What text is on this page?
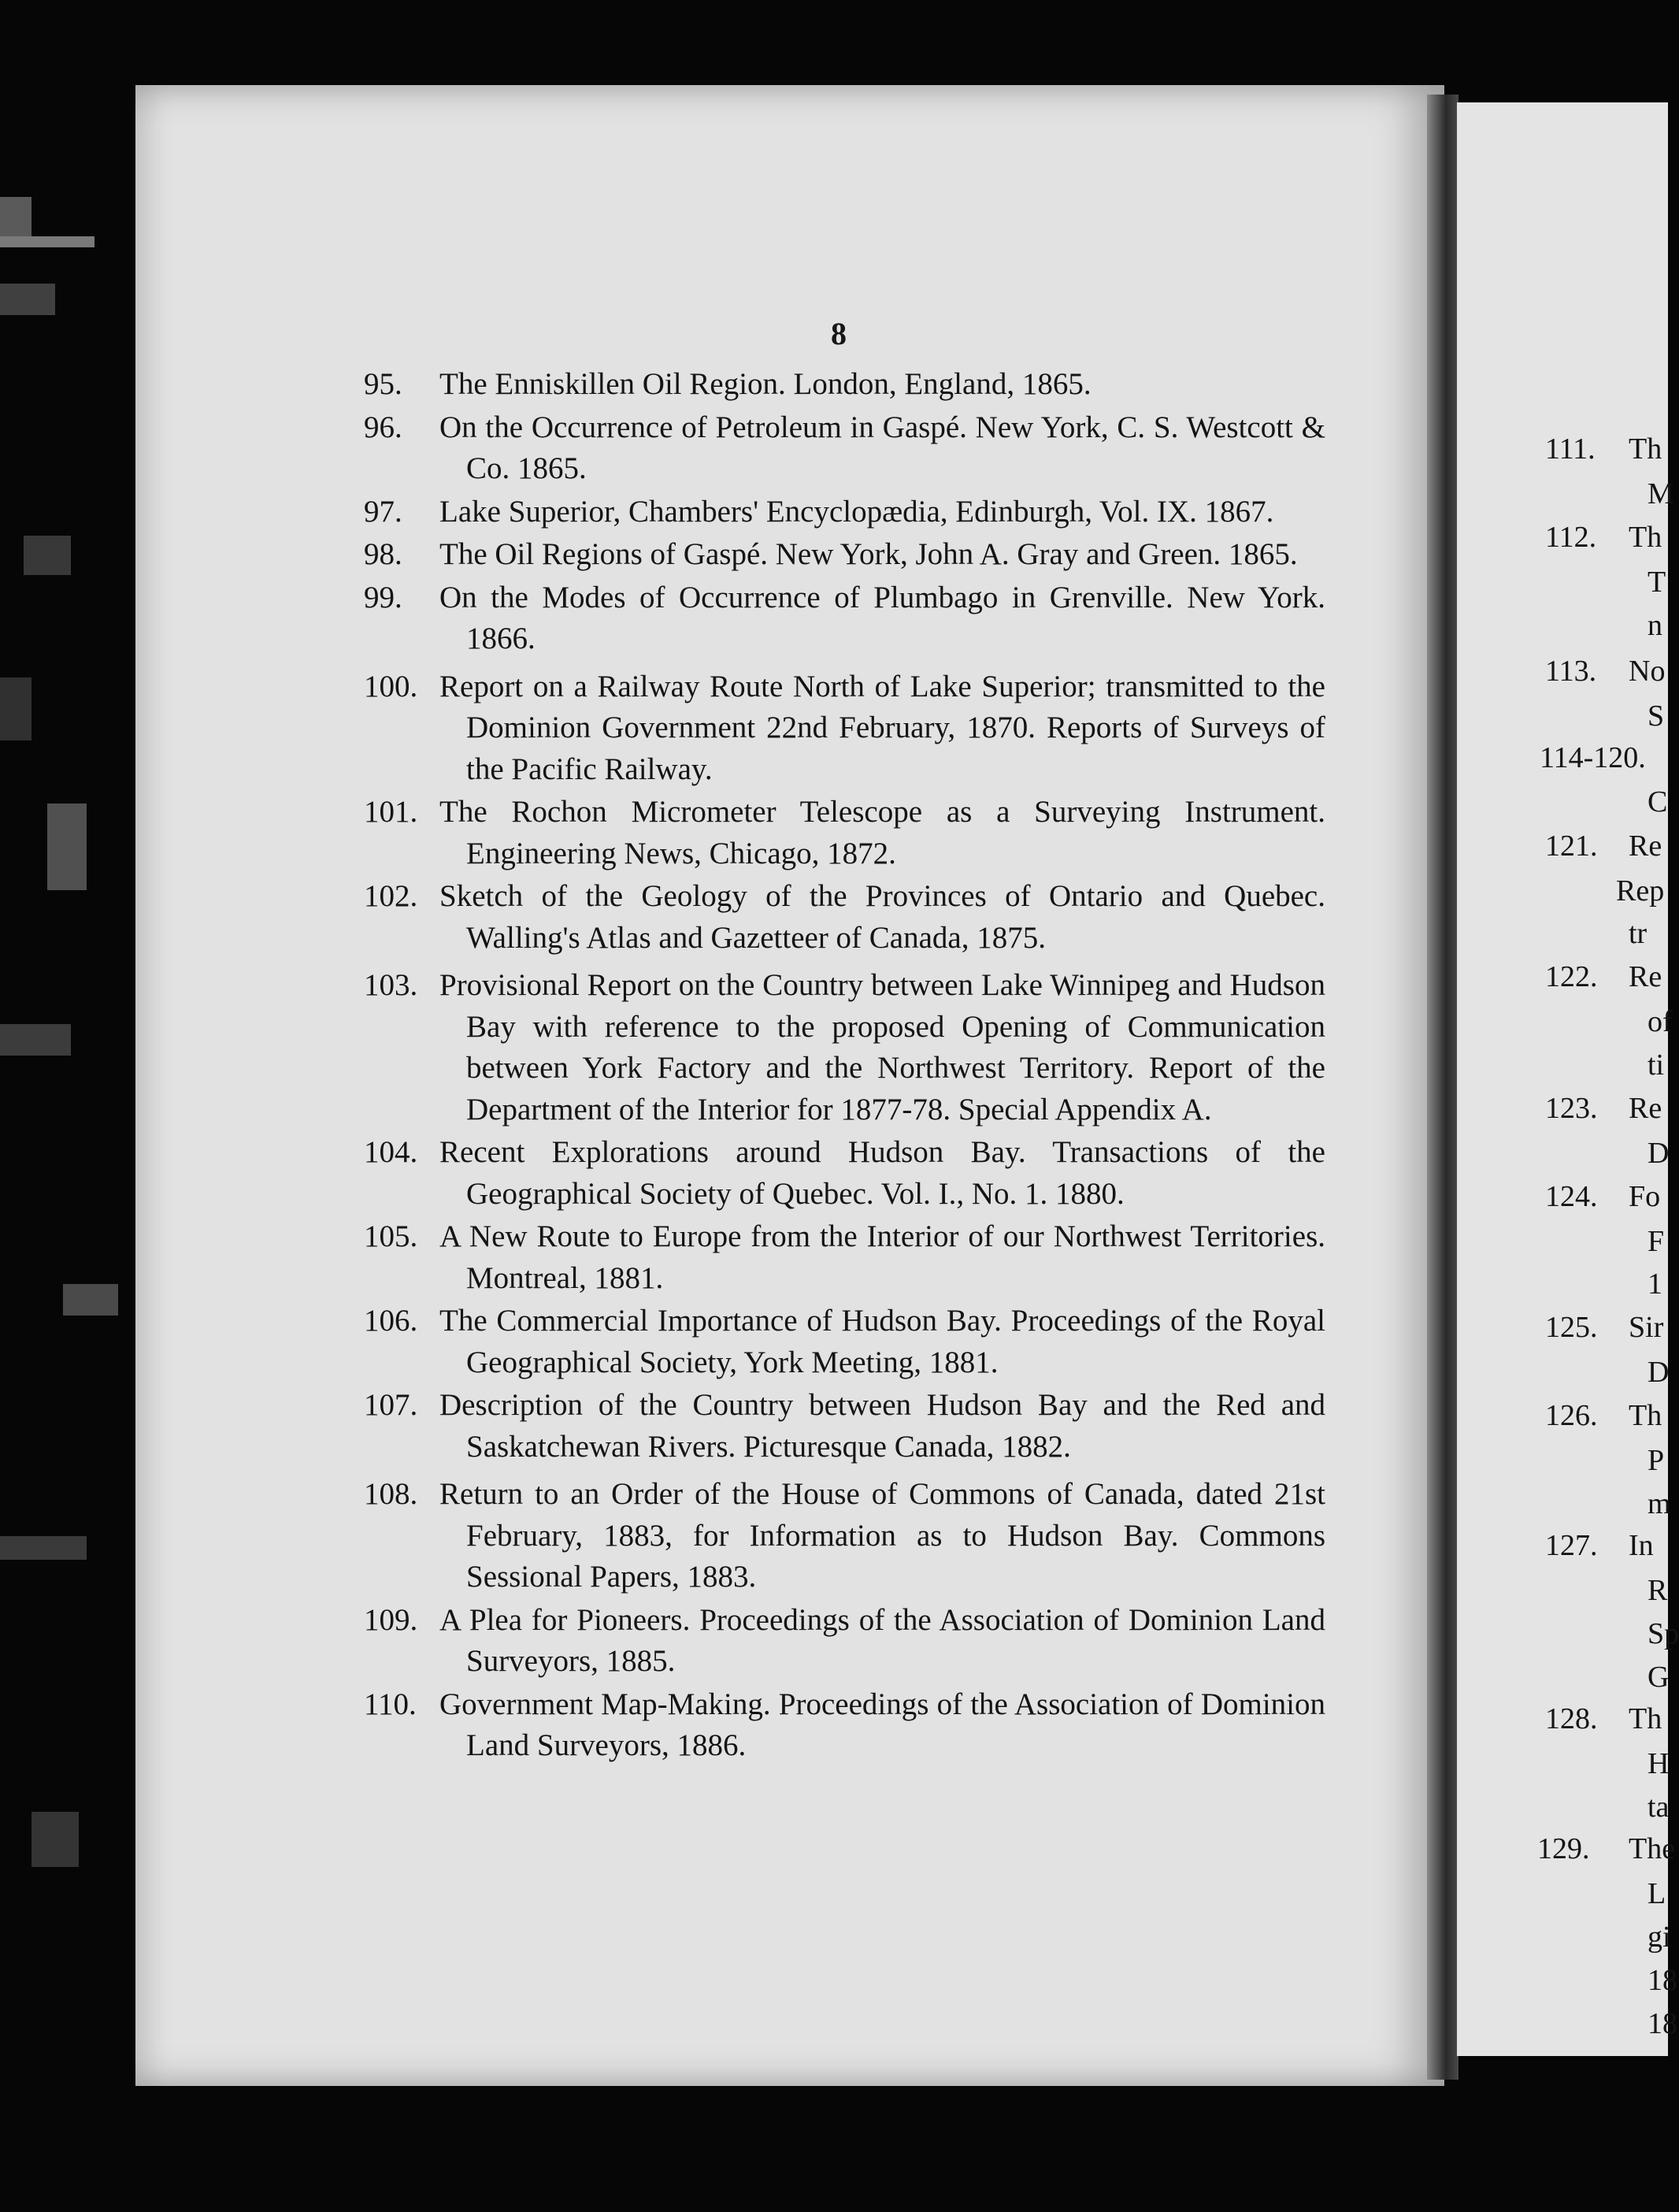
8
95.	The Enniskillen Oil Region. London, England, 1865.
96.	On the Occurrence of Petroleum in Gaspé. New York, C. S. Westcott & Co. 1865.
97.	Lake Superior, Chambers' Encyclopædia, Edinburgh, Vol. IX. 1867.
98.	The Oil Regions of Gaspé. New York, John A. Gray and Green. 1865.
99.	On the Modes of Occurrence of Plumbago in Grenville. New York. 1866.
100. Report on a Railway Route North of Lake Superior; transmitted to the Dominion Government 22nd February, 1870. Reports of Surveys of the Pacific Railway.
101. The Rochon Micrometer Telescope as a Surveying Instrument. Engineering News, Chicago, 1872.
102. Sketch of the Geology of the Provinces of Ontario and Quebec. Walling's Atlas and Gazetteer of Canada, 1875.
103. Provisional Report on the Country between Lake Winnipeg and Hudson Bay with reference to the proposed Opening of Communication between York Factory and the Northwest Territory. Report of the Department of the Interior for 1877-78. Special Appendix A.
104. Recent Explorations around Hudson Bay. Transactions of the Geographical Society of Quebec. Vol. I., No. 1. 1880.
105. A New Route to Europe from the Interior of our Northwest Territories. Montreal, 1881.
106. The Commercial Importance of Hudson Bay. Proceedings of the Royal Geographical Society, York Meeting, 1881.
107. Description of the Country between Hudson Bay and the Red and Saskatchewan Rivers. Picturesque Canada, 1882.
108. Return to an Order of the House of Commons of Canada, dated 21st February, 1883, for Information as to Hudson Bay. Commons Sessional Papers, 1883.
109. A Plea for Pioneers. Proceedings of the Association of Dominion Land Surveyors, 1885.
110. Government Map-Making. Proceedings of the Association of Dominion Land Surveyors, 1886.
111. Th
M
112. Th
T
n
113. No
S
114-120.
C
121. Re
Rep
tr
122. Re
of
ti
123. Re
D
124. Fo
F
1
125. Sir
D
126. Th
P
m
127. In
R
Sp
G
128. Th
H
ta
129. The
L
gi
18
18
